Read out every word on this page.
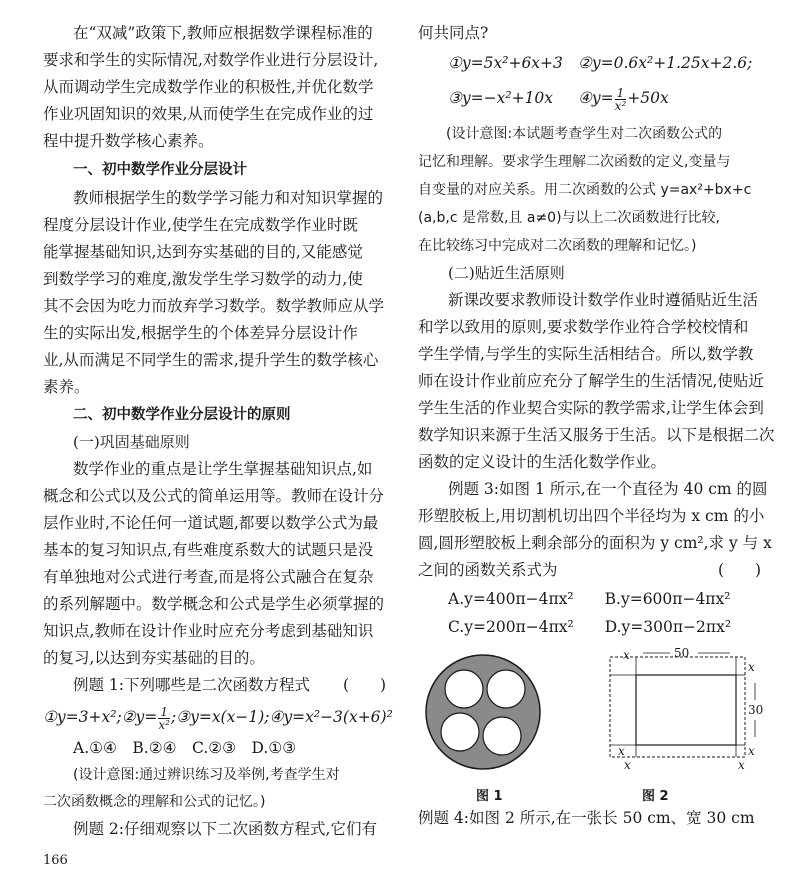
在“双减”政策下,教师应根据数学课程标准的
要求和学生的实际情况,对数学作业进行分层设计,
从而调动学生完成数学作业的积极性,并优化数学
作业巩固知识的效果,从而使学生在完成作业的过
程中提升数学核心素养。
一、初中数学作业分层设计
教师根据学生的数学学习能力和对知识掌握的
程度分层设计作业,使学生在完成数学作业时既
能掌握基础知识,达到夯实基础的目的,又能感觉
到数学学习的难度,激发学生学习数学的动力,使
其不会因为吃力而放弃学习数学。数学教师应从学
生的实际出发,根据学生的个体差异分层设计作
业,从而满足不同学生的需求,提升学生的数学核心
素养。
二、初中数学作业分层设计的原则
(一)巩固基础原则
数学作业的重点是让学生掌握基础知识点,如
概念和公式以及公式的简单运用等。教师在设计分
层作业时,不论任何一道试题,都要以数学公式为最
基本的复习知识点,有些难度系数大的试题只是没
有单独地对公式进行考查,而是将公式融合在复杂
的系列解题中。数学概念和公式是学生必须掌握的
知识点,教师在设计作业时应充分考虑到基础知识
的复习,以达到夯实基础的目的。
例题 1:下列哪些是二次函数方程式 (　　)
①y=3+x²;②y= $\frac{1}{\text{x²}}$ ;③y=x(x−1);④y=x²−3(x+6)²
A.①④　B.②④　C.②③　D.①③
(设计意图:通过辨识练习及举例,考查学生对
二次函数概念的理解和公式的记忆。)
例题 2:仔细观察以下二次函数方程式,它们有
何共同点?
①y=5x²+6x+3 ②y=0.6x²+1.25x+2.6;
③y=−x²+10x ④y= $\frac{1}{\text{x²}} +50x$
(设计意图:本试题考查学生对二次函数公式的
记忆和理解。要求学生理解二次函数的定义,变量与
自变量的对应关系。用二次函数的公式 y=ax²+bx+c
(a,b,c 是常数,且 a≠0)与以上二次函数进行比较,
在比较练习中完成对二次函数的理解和记忆。)
(二)贴近生活原则
新课改要求教师设计数学作业时遵循贴近生活
和学以致用的原则,要求数学作业符合学校校情和
学生学情,与学生的实际生活相结合。所以,数学教
师在设计作业前应充分了解学生的生活情况,使贴近
学生生活的作业契合实际的教学需求,让学生体会到
数学知识来源于生活又服务于生活。以下是根据二次
函数的定义设计的生活化数学作业。
例题 3:如图 1 所示,在一个直径为 40 cm 的圆
形塑胶板上,用切割机切出四个半径均为 x cm 的小
圆,圆形塑胶板上剩余部分的面积为 y cm²,求 y 与 x
之间的函数关系式为	(　　)
A.y=400π−4πx²　　B.y=600π−4πx²
C.y=200π−4πx²　　D.y=300π−2πx²
例题 4:如图 2 所示,在一张长 50 cm、宽 30 cm
图 1
50
30
x
x
x
x
x	x
图 2
166
